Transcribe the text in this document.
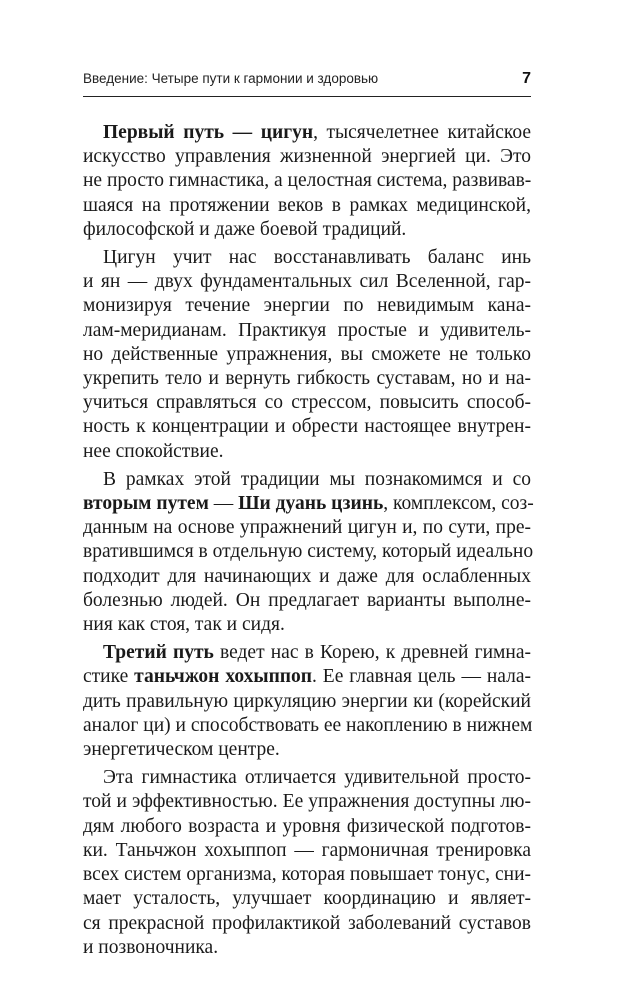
Введение: Четыре пути к гармонии и здоровью	7
Первый путь — цигун, тысячелетнее китайское
искусство управления жизненной энергией ци. Это
не просто гимнастика, а целостная система, развивав-
шаяся на протяжении веков в рамках медицинской,
философской и даже боевой традиций.
Цигун учит нас восстанавливать баланс инь
и ян — двух фундаментальных сил Вселенной, гар-
монизируя течение энергии по невидимым кана-
лам-меридианам. Практикуя простые и удивитель-
но действенные упражнения, вы сможете не только
укрепить тело и вернуть гибкость суставам, но и на-
учиться справляться со стрессом, повысить способ-
ность к концентрации и обрести настоящее внутрен-
нее спокойствие.
В рамках этой традиции мы познакомимся и со
вторым путем — Ши дуань цзинь, комплексом, соз-
данным на основе упражнений цигун и, по сути, пре-
вратившимся в отдельную систему, который идеально
подходит для начинающих и даже для ослабленных
болезнью людей. Он предлагает варианты выполне-
ния как стоя, так и сидя.
Третий путь ведет нас в Корею, к древней гимна-
стике таньчжон хохыппоп. Ее главная цель — нала-
дить правильную циркуляцию энергии ки (корейский
аналог ци) и способствовать ее накоплению в нижнем
энергетическом центре.
Эта гимнастика отличается удивительной просто-
той и эффективностью. Ее упражнения доступны лю-
дям любого возраста и уровня физической подготов-
ки. Таньчжон хохыппоп — гармоничная тренировка
всех систем организма, которая повышает тонус, сни-
мает усталость, улучшает координацию и являет-
ся прекрасной профилактикой заболеваний суставов
и позвоночника.
